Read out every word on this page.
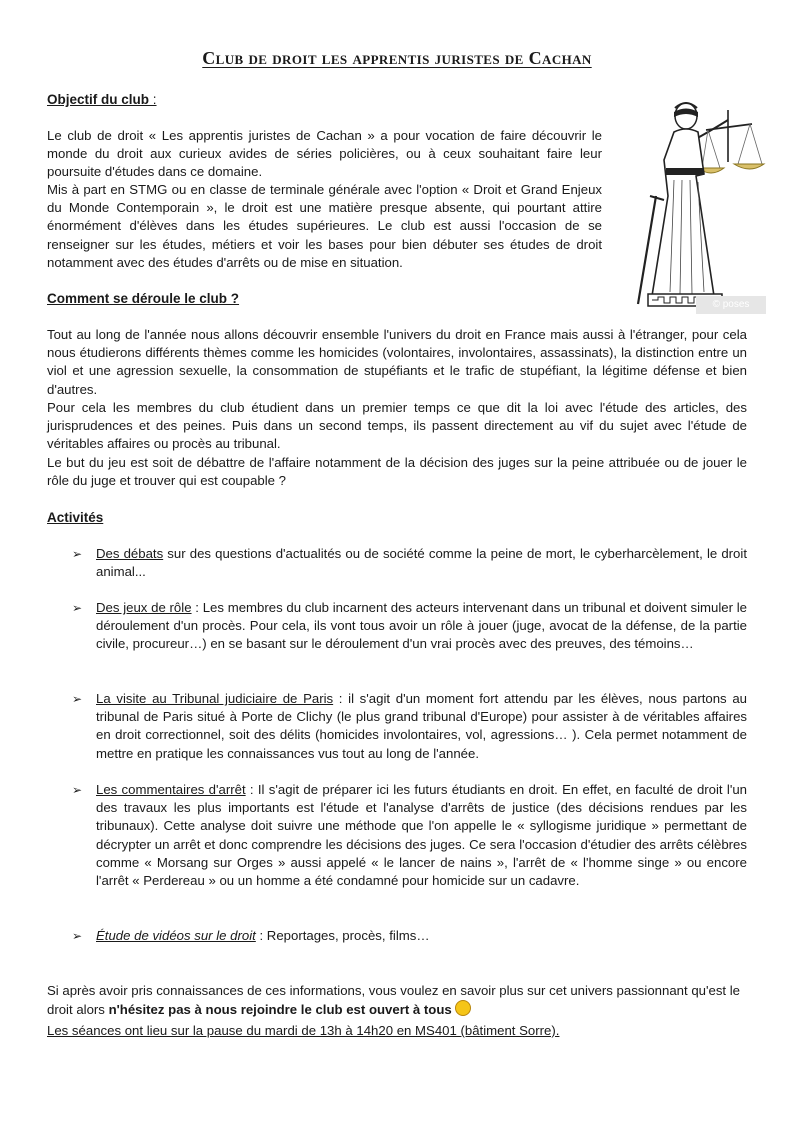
Club de droit les apprentis juristes de Cachan
Objectif du club :

Le club de droit « Les apprentis juristes de Cachan » a pour vocation de faire découvrir le monde du droit aux curieux avides de séries policières, ou à ceux souhaitant faire leur poursuite d'études dans ce domaine.

Mis à part en STMG ou en classe de terminale générale avec l'option « Droit et Grand Enjeux du Monde Contemporain », le droit est une matière presque absente, qui pourtant attire énormément d'élèves dans les études supérieures. Le club est aussi l'occasion de se renseigner sur les études, métiers et voir les bases pour bien débuter ses études de droit notamment avec des études d'arrêts ou de mise en situation.

© poses
Comment se déroule le club ?

Tout au long de l'année nous allons découvrir ensemble l'univers du droit en France mais aussi à l'étranger, pour cela nous étudierons différents thèmes comme les homicides (volontaires, involontaires, assassinats), la distinction entre un viol et une agression sexuelle, la consommation de stupéfiants et le trafic de stupéfiant, la légitime défense et bien d'autres.

Pour cela les membres du club étudient dans un premier temps ce que dit la loi avec l'étude des articles, des jurisprudences et des peines. Puis dans un second temps, ils passent directement au vif du sujet avec l'étude de véritables affaires ou procès au tribunal.

Le but du jeu est soit de débattre de l'affaire notamment de la décision des juges sur la peine attribuée ou de jouer le rôle du juge et trouver qui est coupable ?

Activités
➢ Des débats sur des questions d'actualités ou de société comme la peine de mort, le cyberharcèlement, le droit animal...

➢ Des jeux de rôle : Les membres du club incarnent des acteurs intervenant dans un tribunal et doivent simuler le déroulement d'un procès. Pour cela, ils vont tous avoir un rôle à jouer (juge, avocat de la défense, de la partie civile, procureur…) en se basant sur le déroulement d'un vrai procès avec des preuves, des témoins…

➢ La visite au Tribunal judiciaire de Paris : il s'agit d'un moment fort attendu par les élèves, nous partons au tribunal de Paris situé à Porte de Clichy (le plus grand tribunal d'Europe) pour assister à de véritables affaires en droit correctionnel, soit des délits (homicides involontaires, vol, agressions… ). Cela permet notamment de mettre en pratique les connaissances vus tout au long de l'année.

➢ Les commentaires d'arrêt : Il s'agit de préparer ici les futurs étudiants en droit. En effet, en faculté de droit l'un des travaux les plus importants est l'étude et l'analyse d'arrêts de justice (des décisions rendues par les tribunaux). Cette analyse doit suivre une méthode que l'on appelle le « syllogisme juridique » permettant de décrypter un arrêt et donc comprendre les décisions des juges. Ce sera l'occasion d'étudier des arrêts célèbres comme « Morsang sur Orges » aussi appelé « le lancer de nains », l'arrêt de « l'homme singe » ou encore l'arrêt « Perdereau » ou un homme a été condamné pour homicide sur un cadavre.

➢ Étude de vidéos sur le droit : Reportages, procès, films…

Si après avoir pris connaissances de ces informations, vous voulez en savoir plus sur cet univers passionnant qu'est le droit alors n'hésitez pas à nous rejoindre le club est ouvert à tous

Les séances ont lieu sur la pause du mardi de 13h à 14h20 en MS401 (bâtiment Sorre).
